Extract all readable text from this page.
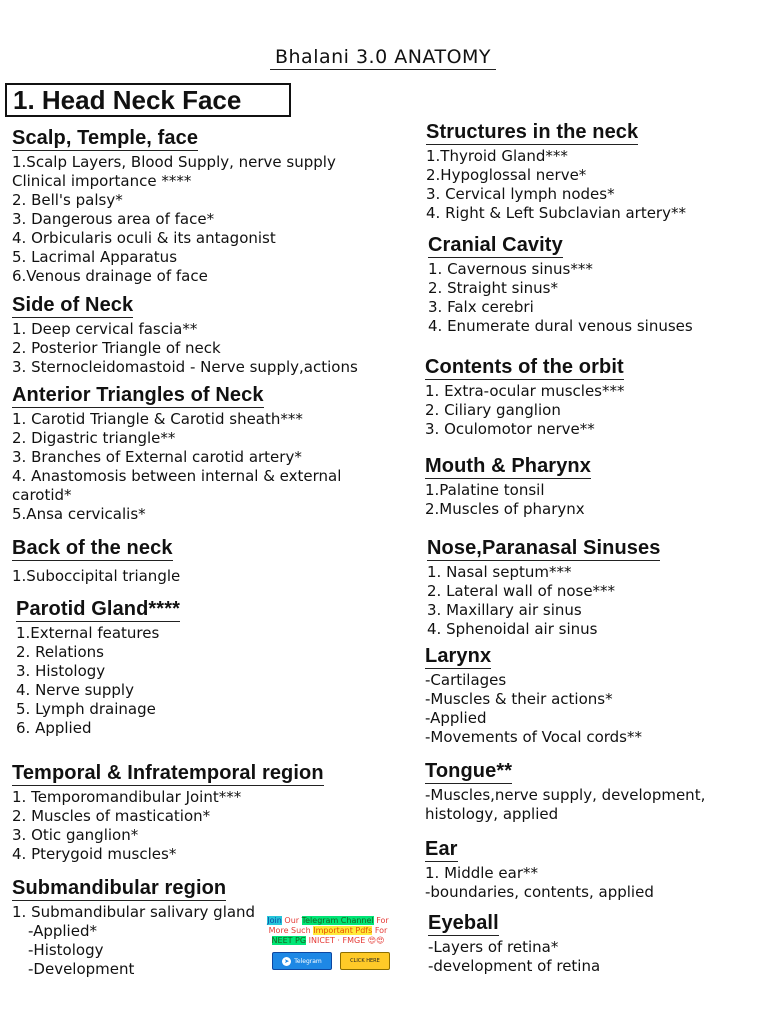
Bhalani 3.0 ANATOMY
1. Head Neck Face
Scalp, Temple, face
1.Scalp Layers, Blood Supply, nerve supply
Clinical importance ****
2. Bell's palsy*
3. Dangerous area of face*
4. Orbicularis oculi & its antagonist
5. Lacrimal Apparatus
6.Venous drainage of face
Side of Neck
1. Deep cervical fascia**
2. Posterior Triangle of neck
3. Sternocleidomastoid - Nerve supply,actions
Anterior Triangles of Neck
1. Carotid Triangle & Carotid sheath***
2. Digastric triangle**
3. Branches of External carotid artery*
4. Anastomosis between internal & external
carotid*
5.Ansa cervicalis*
Back of the neck
1.Suboccipital triangle
Parotid Gland****
1.External features
2. Relations
3. Histology
4. Nerve supply
5. Lymph drainage
6. Applied
Temporal & Infratemporal region
1. Temporomandibular Joint***
2. Muscles of mastication*
3. Otic ganglion*
4. Pterygoid muscles*
Submandibular region
1. Submandibular salivary gland
-Applied*
-Histology
-Development
Structures in the neck
1.Thyroid Gland***
2.Hypoglossal nerve*
3. Cervical lymph nodes*
4. Right & Left Subclavian artery**
Cranial Cavity
1. Cavernous sinus***
2. Straight sinus*
3. Falx cerebri
4. Enumerate dural venous sinuses
Contents of the orbit
1. Extra-ocular muscles***
2. Ciliary ganglion
3. Oculomotor nerve**
Mouth & Pharynx
1.Palatine tonsil
2.Muscles of pharynx
Nose,Paranasal Sinuses
1. Nasal septum***
2. Lateral wall of nose***
3. Maxillary air sinus
4. Sphenoidal air sinus
Larynx
-Cartilages
-Muscles & their actions*
-Applied
-Movements of Vocal cords**
Tongue**
-Muscles,nerve supply, development,
histology, applied
Ear
1. Middle ear**
-boundaries, contents, applied
Eyeball
-Layers of retina*
-development of retina
Join Our Telegram Channel For
More Such Important Pdfs For
NEET PG INICET · FMGE 😍😍
➤ Telegram	CLICK HERE
